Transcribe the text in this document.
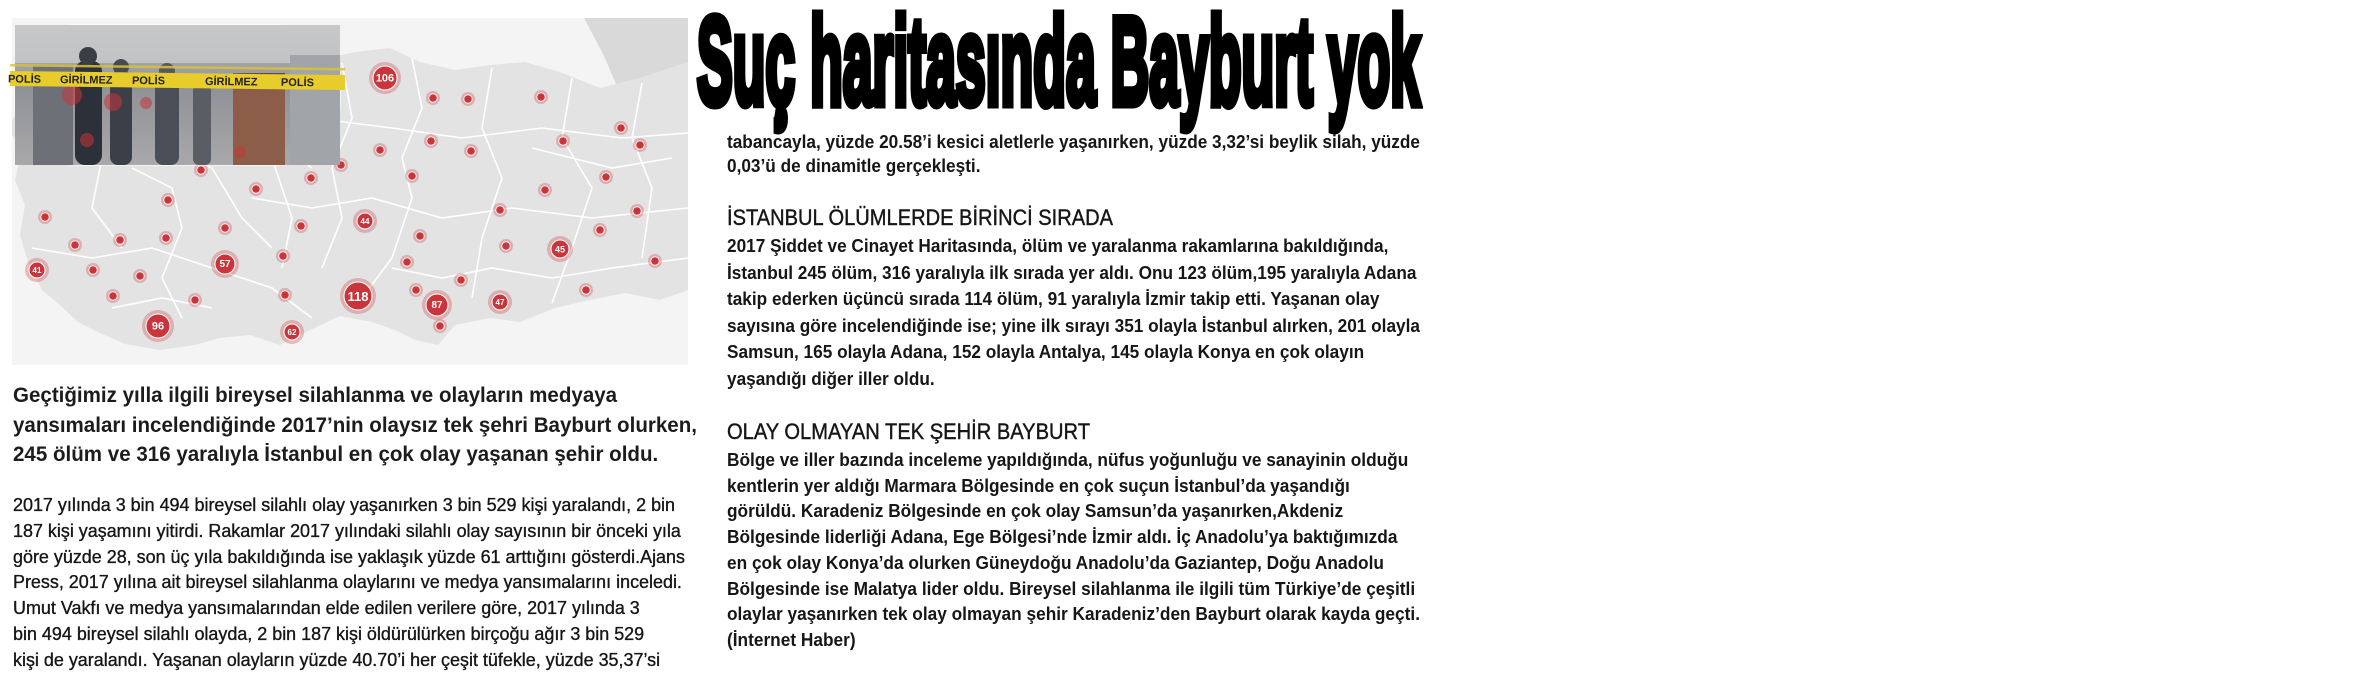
106
118
96
87
57
45
44
47
62
41
POLİS GİRİLMEZ POLİS	GİRİLMEZ POLİS	Suç haritasında Bayburt yok
tabancayla, yüzde 20.58’i kesici aletlerle yaşanırken, yüzde 3,32’si beylik silah, yüzde
0,03’ü de dinamitle gerçekleşti.
İSTANBUL ÖLÜMLERDE BİRİNCİ SIRADA
2017 Şiddet ve Cinayet Haritasında, ölüm ve yaralanma rakamlarına bakıldığında,
İstanbul 245 ölüm, 316 yaralıyla ilk sırada yer aldı. Onu 123 ölüm,195 yaralıyla Adana
takip ederken üçüncü sırada 114 ölüm, 91 yaralıyla İzmir takip etti. Yaşanan olay
sayısına göre incelendiğinde ise; yine ilk sırayı 351 olayla İstanbul alırken, 201 olayla
Samsun, 165 olayla Adana, 152 olayla Antalya, 145 olayla Konya en çok olayın
yaşandığı diğer iller oldu.
OLAY OLMAYAN TEK ŞEHİR BAYBURT
Bölge ve iller bazında inceleme yapıldığında, nüfus yoğunluğu ve sanayinin olduğu
kentlerin yer aldığı Marmara Bölgesinde en çok suçun İstanbul’da yaşandığı
görüldü. Karadeniz Bölgesinde en çok olay Samsun’da yaşanırken,Akdeniz
Bölgesinde liderliği Adana, Ege Bölgesi’nde İzmir aldı. İç Anadolu’ya baktığımızda
en çok olay Konya’da olurken Güneydoğu Anadolu’da Gaziantep, Doğu Anadolu
Bölgesinde ise Malatya lider oldu. Bireysel silahlanma ile ilgili tüm Türkiye’de çeşitli
olaylar yaşanırken tek olay olmayan şehir Karadeniz’den Bayburt olarak kayda geçti.
(İnternet Haber)
Geçtiğimiz yılla ilgili bireysel silahlanma ve olayların medyaya
yansımaları incelendiğinde 2017’nin olaysız tek şehri Bayburt olurken,
245 ölüm ve 316 yaralıyla İstanbul en çok olay yaşanan şehir oldu.
2017 yılında 3 bin 494 bireysel silahlı olay yaşanırken 3 bin 529 kişi yaralandı, 2 bin
187 kişi yaşamını yitirdi. Rakamlar 2017 yılındaki silahlı olay sayısının bir önceki yıla
göre yüzde 28, son üç yıla bakıldığında ise yaklaşık yüzde 61 arttığını gösterdi.Ajans
Press, 2017 yılına ait bireysel silahlanma olaylarını ve medya yansımalarını inceledi.
Umut Vakfı ve medya yansımalarından elde edilen verilere göre, 2017 yılında 3
bin 494 bireysel silahlı olayda, 2 bin 187 kişi öldürülürken birçoğu ağır 3 bin 529
kişi de yaralandı. Yaşanan olayların yüzde 40.70’i her çeşit tüfekle, yüzde 35,37’si
